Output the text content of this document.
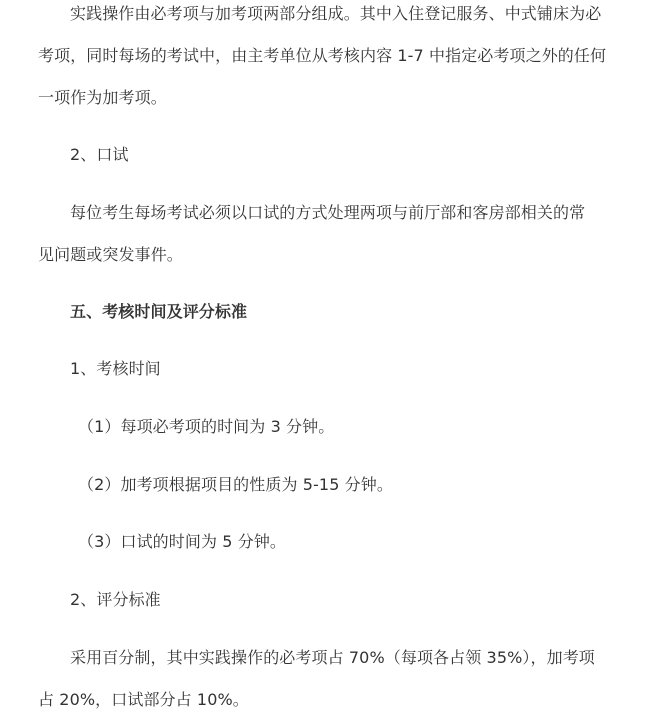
实践操作由必考项与加考项两部分组成。其中入住登记服务、中式铺床为必
考项，同时每场的考试中，由主考单位从考核内容 1-7 中指定必考项之外的任何
一项作为加考项。
2、口试
每位考生每场考试必须以口试的方式处理两项与前厅部和客房部相关的常
见问题或突发事件。
五、考核时间及评分标准
1、考核时间
（1）每项必考项的时间为 3 分钟。
（2）加考项根据项目的性质为 5-15 分钟。
（3）口试的时间为 5 分钟。
2、评分标准
采用百分制，其中实践操作的必考项占 70%（每项各占领 35%），加考项
占 20%，口试部分占 10%。
